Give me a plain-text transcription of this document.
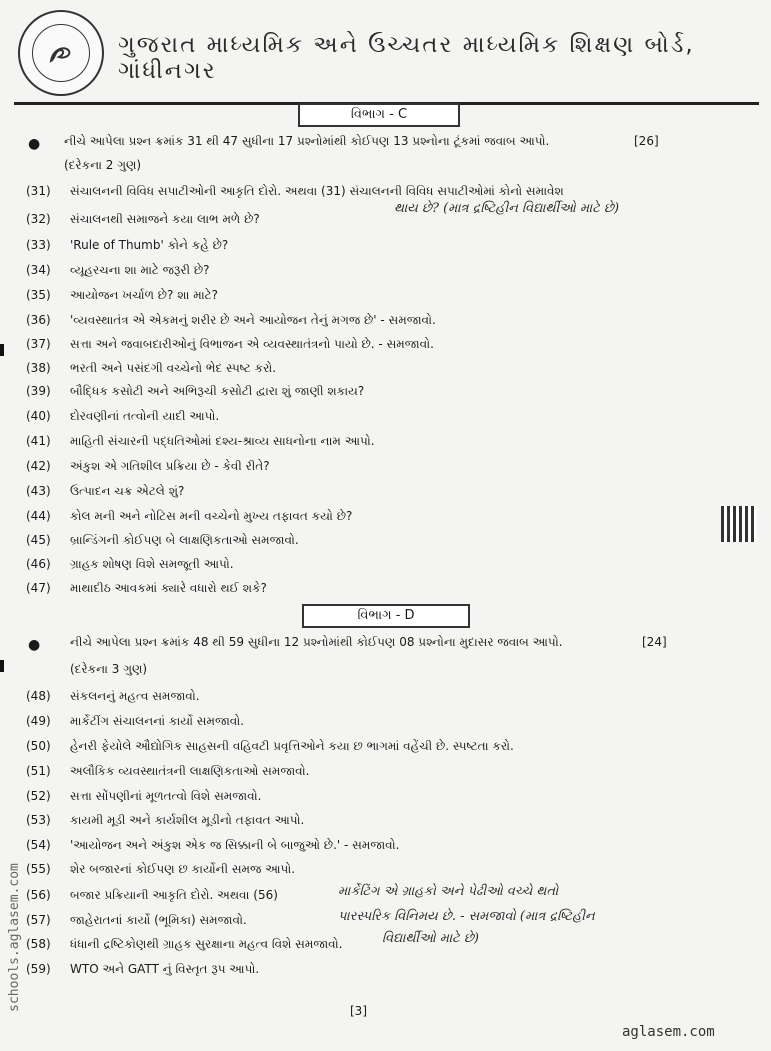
ગુજરાત માધ્યમિક અને ઉચ્ચતર માધ્યમિક શિક્ષણ બોર્ડ, ગાંધીનગર
વિભાગ - C
● નીચે આપેલા પ્રશ્ન ક્રમાંક 31 થી 47 સુધીના 17 પ્રશ્નોમાંથી કોઈપણ 13 પ્રશ્નોના ટૂંકમાં જવાબ આપો.	[26]
(દરેકના 2 ગુણ)
(31) સંચાલનની વિવિધ સપાટીઓની આકૃતિ દોરો. અથવા (31) સંચાલનની વિવિધ સપાટીઓમાં કોનો સમાવેશ
થાય છે? (માત્ર દ્રષ્ટિહીન વિદ્યાર્થીઓ માટે છે)
(32) સંચાલનથી સમાજને કયા લાભ મળે છે?
(33) 'Rule of Thumb' કોને કહે છે?
(34) વ્યૂહરચના શા માટે જરૂરી છે?
(35) આયોજન ખર્ચાળ છે? શા માટે?
(36) 'વ્યવસ્થાતંત્ર એ એકમનું શરીર છે અને આયોજન તેનું મગજ છે' - સમજાવો.
(37) સત્તા અને જવાબદારીઓનું વિભાજન એ વ્યવસ્થાતંત્રનો પાયો છે. - સમજાવો.
(38) ભરતી અને પસંદગી વચ્ચેનો ભેદ સ્પષ્ટ કરો.
(39) બૌદ્ધિક કસોટી અને અભિરૂચી કસોટી દ્વારા શું જાણી શકાય?
(40) દોરવણીનાં તત્વોની યાદી આપો.
(41) માહિતી સંચારની પદ્ધતિઓમાં દશ્ય-શ્રાવ્ય સાધનોના નામ આપો.
(42) અંકુશ એ ગતિશીલ પ્રક્રિયા છે - કેવી રીતે?
(43) ઉત્પાદન ચક્ર એટલે શું?
(44) કોલ મની અને નોટિસ મની વચ્ચેનો મુખ્ય તફાવત કયો છે?
(45) બ્રાન્ડિંગની કોઈપણ બે લાક્ષણિકતાઓ સમજાવો.
(46) ગ્રાહક શોષણ વિશે સમજૂતી આપો.
(47) માથાદીઠ આવકમાં ક્યારે વધારો થઈ શકે?
વિભાગ - D
● નીચે આપેલા પ્રશ્ન ક્રમાંક 48 થી 59 સુધીના 12 પ્રશ્નોમાંથી કોઈપણ 08 પ્રશ્નોના મુદાસર જવાબ આપો.	[24]
(દરેકના 3 ગુણ)
(48) સંકલનનું મહત્વ સમજાવો.
(49) માર્કેટીંગ સંચાલનનાં કાર્યો સમજાવો.
(50) હેનરી ફેયોલે ઔદ્યોગિક સાહસની વહિવટી પ્રવૃત્તિઓને કયા છ ભાગમાં વહેંચી છે. સ્પષ્ટતા કરો.
(51) અલૌકિક વ્યવસ્થાતંત્રની લાક્ષણિકતાઓ સમજાવો.
(52) સત્તા સોંપણીનાં મૂળતત્વો વિશે સમજાવો.
(53) કાયમી મૂડી અને કાર્યશીલ મૂડીનો તફાવત આપો.
(54) 'આયોજન અને અંકુશ એક જ સિક્કાની બે બાજુઓ છે.' - સમજાવો.
(55) શેર બજારનાં કોઈપણ છ કાર્યોની સમજ આપો.
(56) બજાર પ્રક્રિયાની આકૃતિ દોરો. અથવા (56)	માર્કેટિંગ એ ગ્રાહકો અને પેઢીઓ વચ્ચે થતો
પારસ્પરિક વિનિમય છે. - સમજાવો (માત્ર દ્રષ્ટિહીન
(57) જાહેરાતનાં કાર્યો (ભૂમિકા) સમજાવો.
(58) ધંધાની દ્રષ્ટિકોણથી ગ્રાહક સુરક્ષાના મહત્વ વિશે સમજાવો.	વિદ્યાર્થીઓ માટે છે)
(59) WTO અને GATT નું વિસ્તૃત રૂપ આપો.
schools.aglasem.com	[3]
aglasem.com
